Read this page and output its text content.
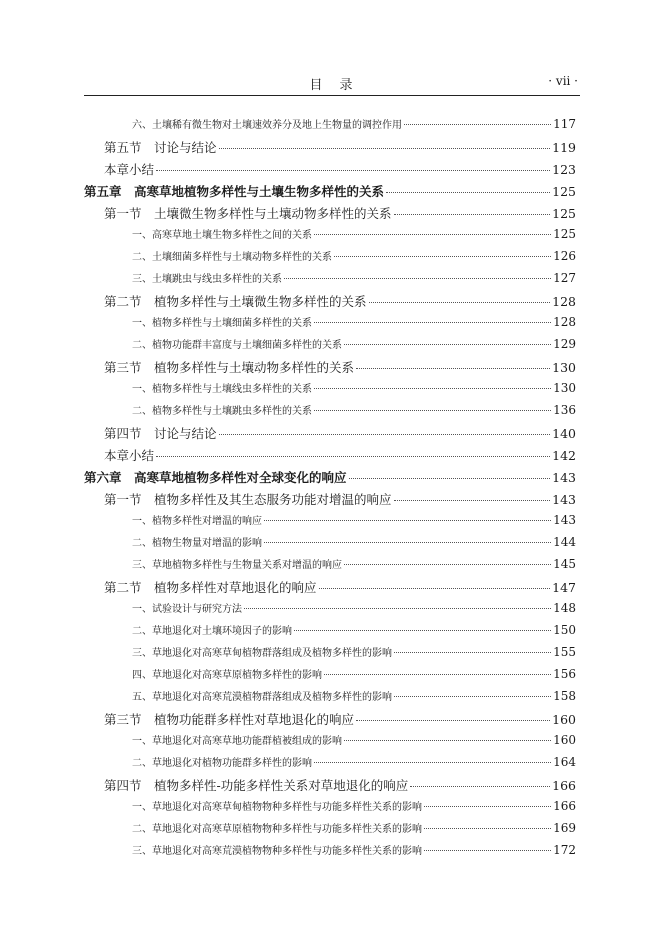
目　录	· vii ·
六、土壤稀有微生物对土壤速效养分及地上生物量的调控作用	117
第五节　讨论与结论	119
本章小结	123
第五章　高寒草地植物多样性与土壤生物多样性的关系	125
第一节　土壤微生物多样性与土壤动物多样性的关系	125
一、高寒草地土壤生物多样性之间的关系	125
二、土壤细菌多样性与土壤动物多样性的关系	126
三、土壤跳虫与线虫多样性的关系	127
第二节　植物多样性与土壤微生物多样性的关系	128
一、植物多样性与土壤细菌多样性的关系	128
二、植物功能群丰富度与土壤细菌多样性的关系	129
第三节　植物多样性与土壤动物多样性的关系	130
一、植物多样性与土壤线虫多样性的关系	130
二、植物多样性与土壤跳虫多样性的关系	136
第四节　讨论与结论	140
本章小结	142
第六章　高寒草地植物多样性对全球变化的响应	143
第一节　植物多样性及其生态服务功能对增温的响应	143
一、植物多样性对增温的响应	143
二、植物生物量对增温的影响	144
三、草地植物多样性与生物量关系对增温的响应	145
第二节　植物多样性对草地退化的响应	147
一、试验设计与研究方法	148
二、草地退化对土壤环境因子的影响	150
三、草地退化对高寒草甸植物群落组成及植物多样性的影响	155
四、草地退化对高寒草原植物多样性的影响	156
五、草地退化对高寒荒漠植物群落组成及植物多样性的影响	158
第三节　植物功能群多样性对草地退化的响应	160
一、草地退化对高寒草地功能群植被组成的影响	160
二、草地退化对植物功能群多样性的影响	164
第四节　植物多样性-功能多样性关系对草地退化的响应	166
一、草地退化对高寒草甸植物物种多样性与功能多样性关系的影响	166
二、草地退化对高寒草原植物物种多样性与功能多样性关系的影响	169
三、草地退化对高寒荒漠植物物种多样性与功能多样性关系的影响	172
